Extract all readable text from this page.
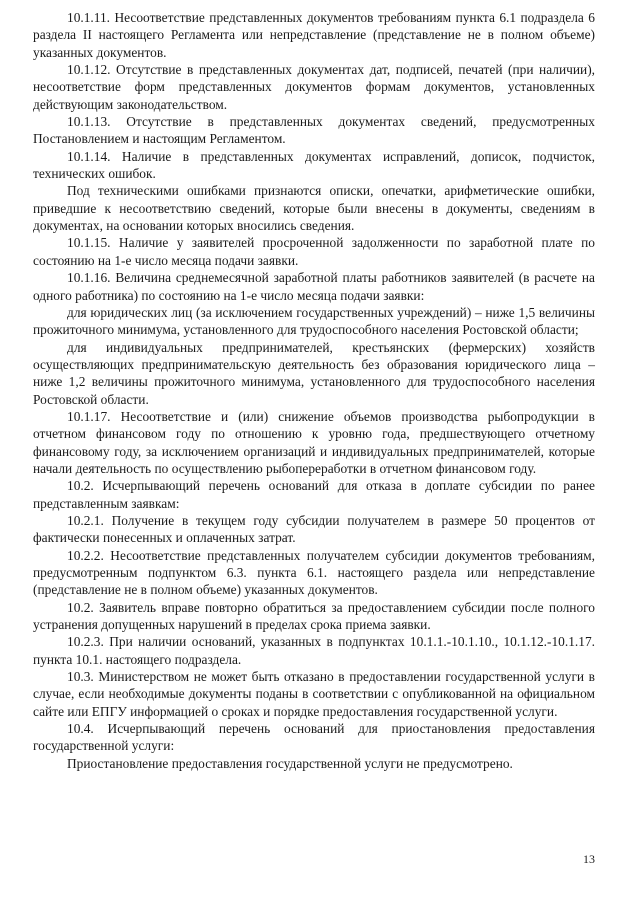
10.1.11. Несоответствие представленных документов требованиям пункта 6.1 подраздела 6 раздела II настоящего Регламента или непредставление (представление не в полном объеме) указанных документов.

10.1.12. Отсутствие в представленных документах дат, подписей, печатей (при наличии), несоответствие форм представленных документов формам документов, установленных действующим законодательством.

10.1.13. Отсутствие в представленных документах сведений, предусмотренных Постановлением и настоящим Регламентом.

10.1.14. Наличие в представленных документах исправлений, дописок, подчисток, технических ошибок.

Под техническими ошибками признаются описки, опечатки, арифметические ошибки, приведшие к несоответствию сведений, которые были внесены в документы, сведениям в документах, на основании которых вносились сведения.

10.1.15. Наличие у заявителей просроченной задолженности по заработной плате по состоянию на 1-е число месяца подачи заявки.

10.1.16. Величина среднемесячной заработной платы работников заявителей (в расчете на одного работника) по состоянию на 1-е число месяца подачи заявки:

для юридических лиц (за исключением государственных учреждений) – ниже 1,5 величины прожиточного минимума, установленного для трудоспособного населения Ростовской области;

для индивидуальных предпринимателей, крестьянских (фермерских) хозяйств осуществляющих предпринимательскую деятельность без образования юридического лица – ниже 1,2 величины прожиточного минимума, установленного для трудоспособного населения Ростовской области.

10.1.17. Несоответствие и (или) снижение объемов производства рыбопродукции в отчетном финансовом году по отношению к уровню года, предшествующего отчетному финансовому году, за исключением организаций и индивидуальных предпринимателей, которые начали деятельность по осуществлению рыбопереработки в отчетном финансовом году.

10.2. Исчерпывающий перечень оснований для отказа в доплате субсидии по ранее представленным заявкам:

10.2.1. Получение в текущем году субсидии получателем в размере 50 процентов от фактически понесенных и оплаченных затрат.

10.2.2. Несоответствие представленных получателем субсидии документов требованиям, предусмотренным подпунктом 6.3. пункта 6.1. настоящего раздела или непредставление (представление не в полном объеме) указанных документов.

10.2. Заявитель вправе повторно обратиться за предоставлением субсидии после полного устранения допущенных нарушений в пределах срока приема заявки.

10.2.3. При наличии оснований, указанных в подпунктах 10.1.1.-10.1.10., 10.1.12.-10.1.17. пункта 10.1. настоящего подраздела.

10.3. Министерством не может быть отказано в предоставлении государственной услуги в случае, если необходимые документы поданы в соответствии с опубликованной на официальном сайте или ЕПГУ информацией о сроках и порядке предоставления государственной услуги.

10.4. Исчерпывающий перечень оснований для приостановления предоставления государственной услуги:

Приостановление предоставления государственной услуги не предусмотрено.

13
